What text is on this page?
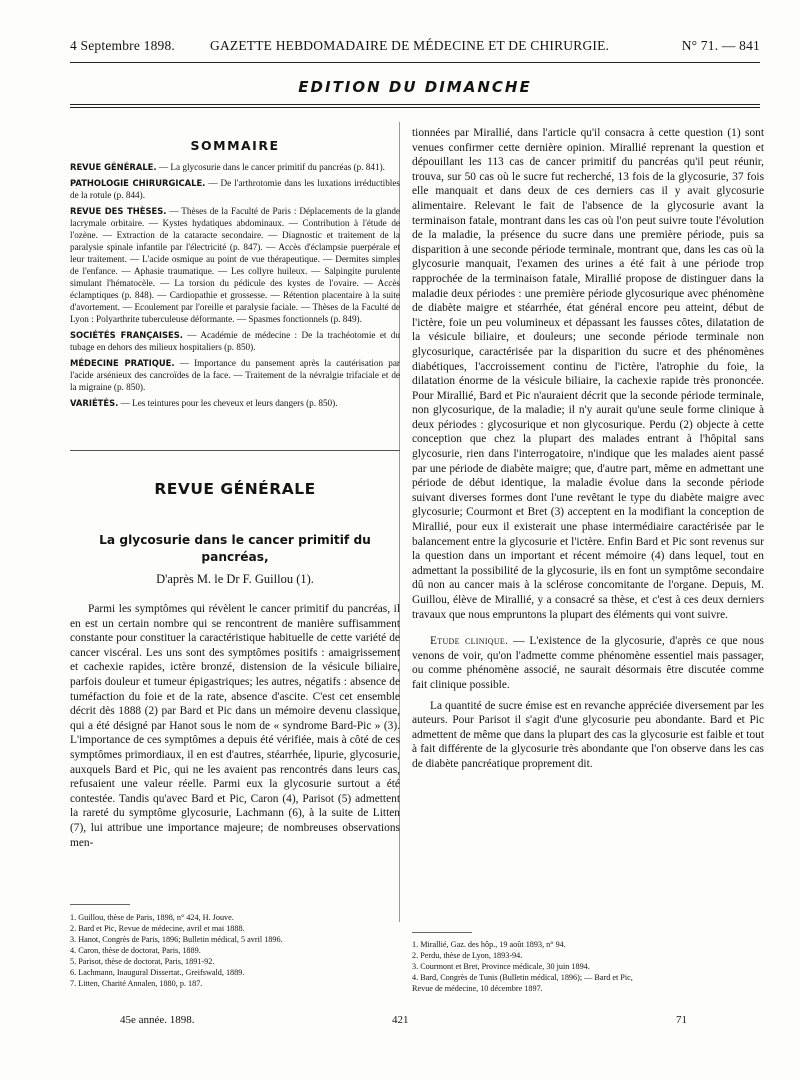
4 Septembre 1898.	GAZETTE HEBDOMADAIRE DE MÉDECINE ET DE CHIRURGIE.	N° 71. — 841
EDITION DU DIMANCHE
SOMMAIRE
REVUE GÉNÉRALE. — La glycosurie dans le cancer primitif du pancréas (p. 841).
PATHOLOGIE CHIRURGICALE. — De l'arthrotomie dans les luxations irréductibles de la rotule (p. 844).
REVUE DES THÈSES. — Thèses de la Faculté de Paris : Déplacements de la glande lacrymale orbitaire. — Kystes hydatiques abdominaux. — Contribution à l'étude de l'ozène. — Extraction de la cataracte secondaire. — Diagnostic et traitement de la paralysie spinale infantile par l'électricité (p. 847). — Accès d'éclampsie puerpérale et leur traitement. — L'acide osmique au point de vue thérapeutique. — Dermites simples de l'enfance. — Aphasie traumatique. — Les collyre huileux. — Salpingite purulente simulant l'hématocèle. — La torsion du pédicule des kystes de l'ovaire. — Accès éclamptiques (p. 848). — Cardiopathie et grossesse. — Rétention placentaire à la suite d'avortement. — Ecoulement par l'oreille et paralysie faciale. — Thèses de la Faculté de Lyon : Polyarthrite tuberculeuse déformante. — Spasmes fonctionnels (p. 849).
SOCIÉTÉS FRANÇAISES. — Académie de médecine : De la trachéotomie et du tubage en dehors des milieux hospitaliers (p. 850).
MÉDECINE PRATIQUE. — Importance du pansement après la cautérisation par l'acide arsénieux des cancroïdes de la face. — Traitement de la névralgie trifaciale et de la migraine (p. 850).
VARIÉTÉS. — Les teintures pour les cheveux et leurs dangers (p. 850).
REVUE GÉNÉRALE
La glycosurie dans le cancer primitif du pancréas,
D'après M. le Dr F. Guillou (1).

Parmi les symptômes qui révèlent le cancer primitif du pancréas, il en est un certain nombre qui se rencontrent de manière suffisamment constante pour constituer la caractéristique habituelle de cette variété de cancer viscéral. Les uns sont des symptômes positifs : amaigrissement et cachexie rapides, ictère bronzé, distension de la vésicule biliaire, parfois douleur et tumeur épigastriques; les autres, négatifs : absence de tuméfaction du foie et de la rate, absence d'ascite. C'est cet ensemble décrit dès 1888 (2) par Bard et Pic dans un mémoire devenu classique, qui a été désigné par Hanot sous le nom de « syndrome Bard-Pic » (3). L'importance de ces symptômes a depuis été vérifiée, mais à côté de ces symptômes primordiaux, il en est d'autres, stéarrhée, lipurie, glycosurie, auxquels Bard et Pic, qui ne les avaient pas rencontrés dans leurs cas, refusaient une valeur réelle. Parmi eux la glycosurie surtout a été contestée. Tandis qu'avec Bard et Pic, Caron (4), Parisot (5) admettent la rareté du symptôme glycosurie, Lachmann (6), à la suite de Litten (7), lui attribue une importance majeure; de nombreuses observations men-

1. Guillou, thèse de Paris, 1898, n° 424, H. Jouve.
2. Bard et Pic, Revue de médecine, avril et mai 1888.
3. Hanot, Congrès de Paris, 1896; Bulletin médical, 5 avril 1896.
4. Caron, thèse de doctorat, Paris, 1889.
5. Parisot, thèse de doctorat, Paris, 1891-92.
6. Lachmann, Inaugural Dissertat., Greifswald, 1889.
7. Litten, Charité Annalen, 1880, p. 187.

tionnées par Mirallié, dans l'article qu'il consacra à cette question (1) sont venues confirmer cette dernière opinion. Mirallié reprenant la question et dépouillant les 113 cas de cancer primitif du pancréas qu'il peut réunir, trouva, sur 50 cas où le sucre fut recherché, 13 fois de la glycosurie, 37 fois elle manquait et dans deux de ces derniers cas il y avait glycosurie alimentaire. Relevant le fait de l'absence de la glycosurie avant la terminaison fatale, montrant dans les cas où l'on peut suivre toute l'évolution de la maladie, la présence du sucre dans une première période, puis sa disparition à une seconde période terminale, montrant que, dans les cas où la glycosurie manquait, l'examen des urines a été fait à une période trop rapprochée de la terminaison fatale, Mirallié propose de distinguer dans la maladie deux périodes : une première période glycosurique avec phénomène de diabète maigre et stéarrhée, état général encore peu atteint, début de l'ictère, foie un peu volumineux et dépassant les fausses côtes, dilatation de la vésicule biliaire, et douleurs; une seconde période terminale non glycosurique, caractérisée par la disparition du sucre et des phénomènes diabétiques, l'accroissement continu de l'ictère, l'atrophie du foie, la dilatation énorme de la vésicule biliaire, la cachexie rapide très prononcée. Pour Mirallié, Bard et Pic n'auraient décrit que la seconde période terminale, non glycosurique, de la maladie; il n'y aurait qu'une seule forme clinique à deux périodes : glycosurique et non glycosurique. Perdu (2) objecte à cette conception que chez la plupart des malades entrant à l'hôpital sans glycosurie, rien dans l'interrogatoire, n'indique que les malades aient passé par une période de diabète maigre; que, d'autre part, même en admettant une période de début identique, la maladie évolue dans la seconde période suivant diverses formes dont l'une revêtant le type du diabète maigre avec glycosurie; Courmont et Bret (3) acceptent en la modifiant la conception de Mirallié, pour eux il existerait une phase intermédiaire caractérisée par le balancement entre la glycosurie et l'ictère. Enfin Bard et Pic sont revenus sur la question dans un important et récent mémoire (4) dans lequel, tout en admettant la possibilité de la glycosurie, ils en font un symptôme secondaire dû non au cancer mais à la sclérose concomitante de l'organe. Depuis, M. Guillou, élève de Mirallié, y a consacré sa thèse, et c'est à ces deux derniers travaux que nous empruntons la plupart des éléments qui vont suivre.

Etude clinique. — L'existence de la glycosurie, d'après ce que nous venons de voir, qu'on l'admette comme phénomène essentiel mais passager, ou comme phénomène associé, ne saurait désormais être discutée comme fait clinique possible.

La quantité de sucre émise est en revanche appréciée diversement par les auteurs. Pour Parisot il s'agit d'une glycosurie peu abondante. Bard et Pic admettent de même que dans la plupart des cas la glycosurie est faible et tout à fait différente de la glycosurie très abondante que l'on observe dans les cas de diabète pancréatique proprement dit.

1. Mirallié, Gaz. des hôp., 19 août 1893, n° 94.
2. Perdu, thèse de Lyon, 1893-94.
3. Courmont et Bret, Province médicale, 30 juin 1894.
4. Bard, Congrès de Tunis (Bulletin médical, 1896); — Bard et Pic,
Revue de médecine, 10 décembre 1897.
45e année. 1898.	421	71
